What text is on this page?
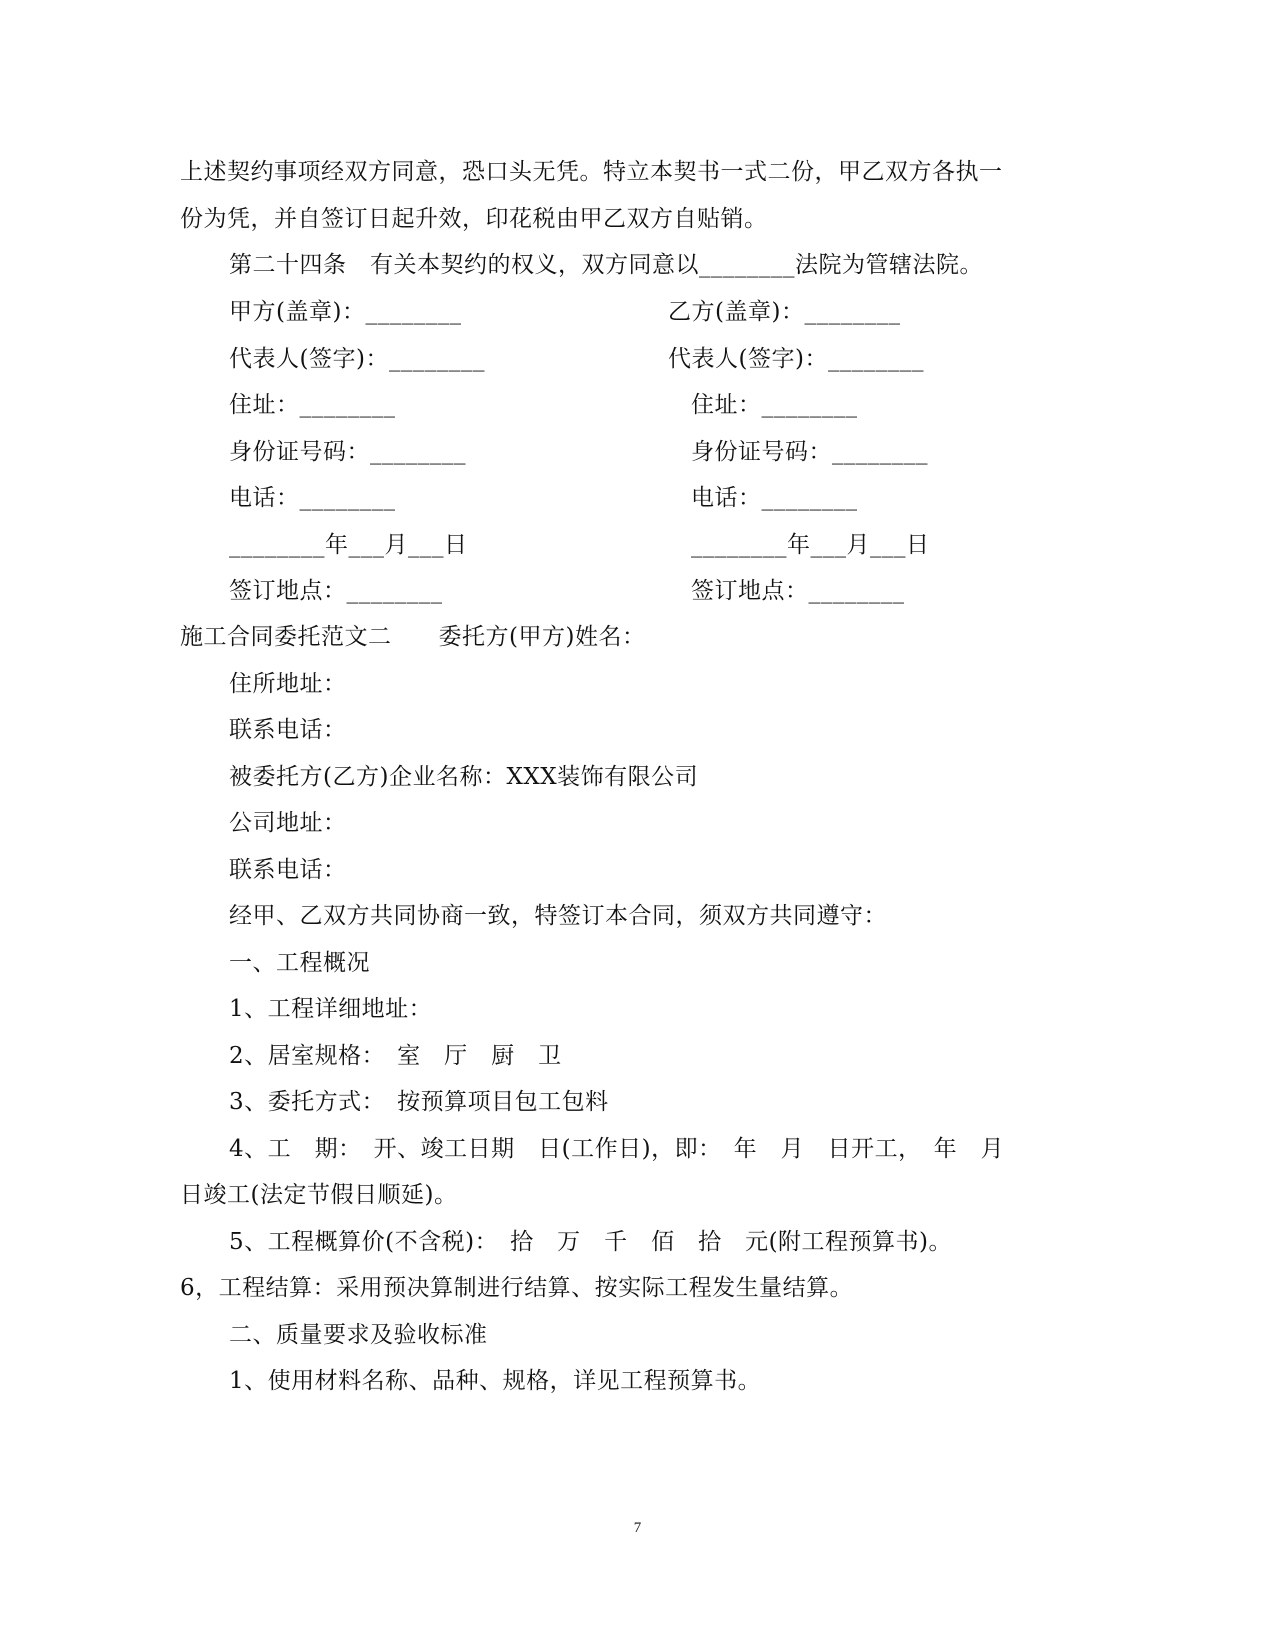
上述契约事项经双方同意，恐口头无凭。特立本契书一式二份，甲乙双方各执一
份为凭，并自签订日起升效，印花税由甲乙双方自贴销。
第二十四条　有关本契约的权义，双方同意以________法院为管辖法院。
甲方(盖章)：________
代表人(签字)：________
住址：________
身份证号码：________
电话：________
________年___月___日
签订地点：________
乙方(盖章)：________
代表人(签字)：________
住址：________
身份证号码：________
电话：________
________年___月___日
签订地点：________
施工合同委托范文二　　委托方(甲方)姓名：
住所地址：
联系电话：
被委托方(乙方)企业名称：XXX装饰有限公司
公司地址：
联系电话：
经甲、乙双方共同协商一致，特签订本合同，须双方共同遵守：
一、工程概况
1、工程详细地址：
2、居室规格：　室　厅　厨　卫
3、委托方式：　按预算项目包工包料
4、工　期：　开、竣工日期　日(工作日)，即：　年　月　日开工，　年　月
日竣工(法定节假日顺延)。
5、工程概算价(不含税)：　拾　万　千　佰　拾　元(附工程预算书)。
6，工程结算：采用预决算制进行结算、按实际工程发生量结算。
二、质量要求及验收标准
1、使用材料名称、品种、规格，详见工程预算书。
7
